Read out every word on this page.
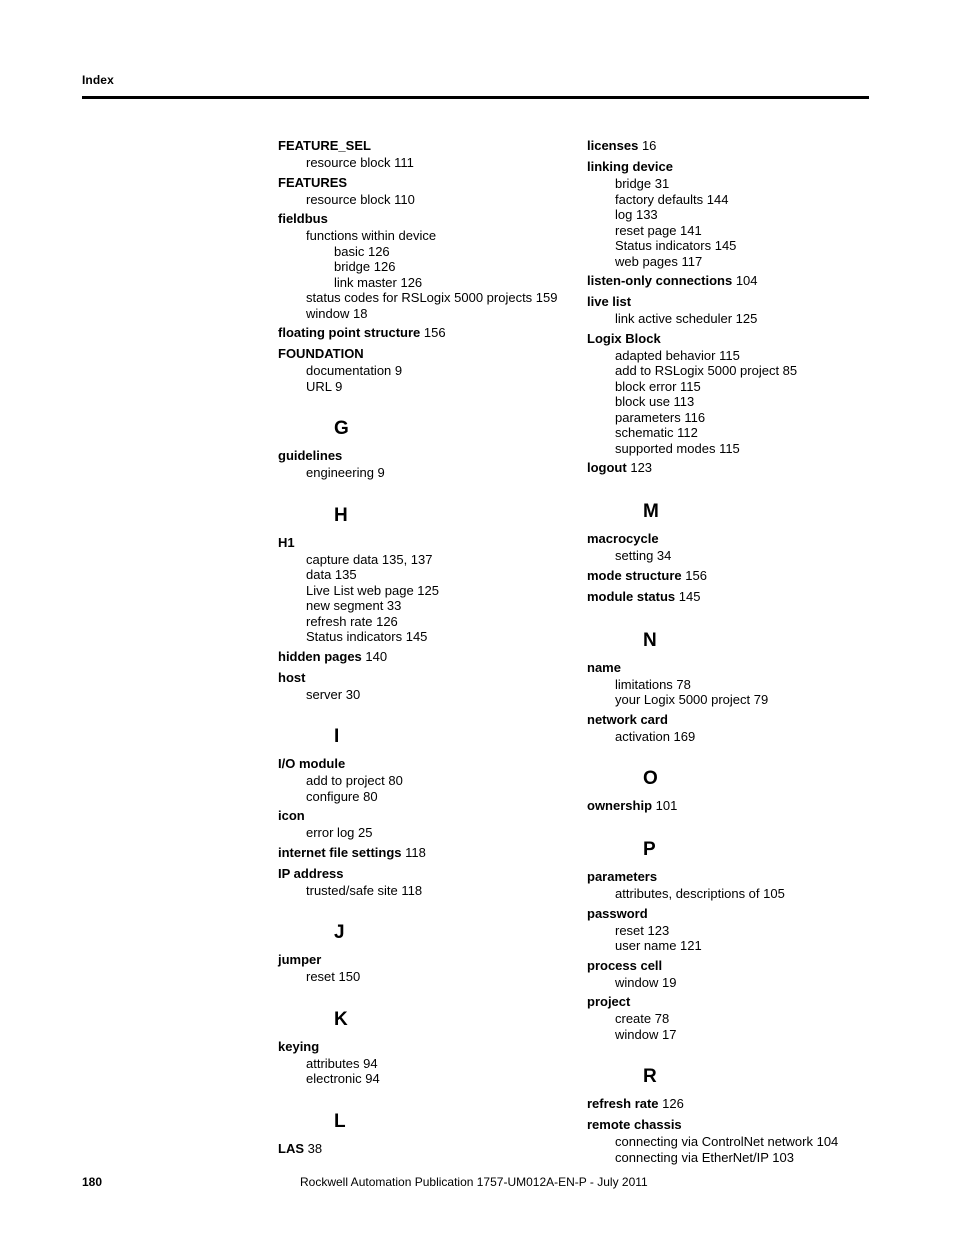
Index
FEATURE_SEL
resource block 111
FEATURES
resource block 110
fieldbus
functions within device
basic 126
bridge 126
link master 126
status codes for RSLogix 5000 projects 159
window 18
floating point structure 156
FOUNDATION
documentation 9
URL 9
G
guidelines
engineering 9
H
H1
capture data 135, 137
data 135
Live List web page 125
new segment 33
refresh rate 126
Status indicators 145
hidden pages 140
host
server 30
I
I/O module
add to project 80
configure 80
icon
error log 25
internet file settings 118
IP address
trusted/safe site 118
J
jumper
reset 150
K
keying
attributes 94
electronic 94
L
LAS 38
licenses 16
linking device
bridge 31
factory defaults 144
log 133
reset page 141
Status indicators 145
web pages 117
listen-only connections 104
live list
link active scheduler 125
Logix Block
adapted behavior 115
add to RSLogix 5000 project 85
block error 115
block use 113
parameters 116
schematic 112
supported modes 115
logout 123
M
macrocycle
setting 34
mode structure 156
module status 145
N
name
limitations 78
your Logix 5000 project 79
network card
activation 169
O
ownership 101
P
parameters
attributes, descriptions of 105
password
reset 123
user name 121
process cell
window 19
project
create 78
window 17
R
refresh rate 126
remote chassis
connecting via ControlNet network 104
connecting via EtherNet/IP 103
180	Rockwell Automation Publication 1757-UM012A-EN-P - July 2011
